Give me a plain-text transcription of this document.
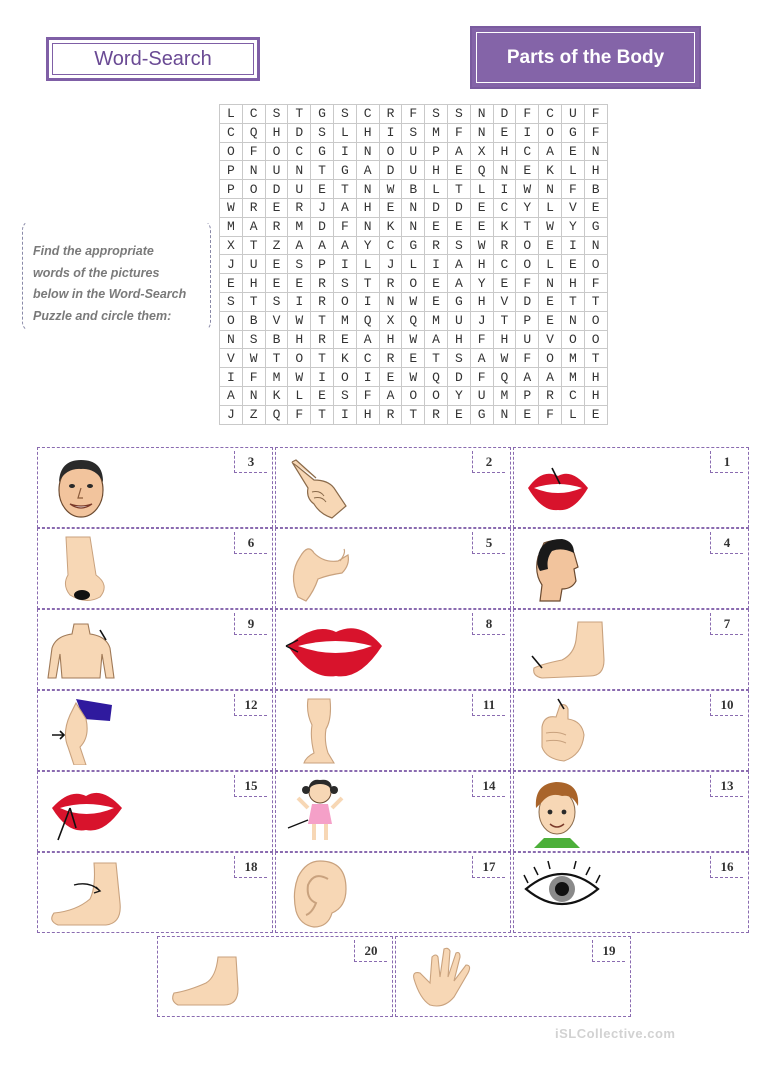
Word-Search	Parts of the Body
L	C	S	T	G	S	C	R	F	S	S	N	D	F	C	U	F
C	Q	H	D	S	L	H	I	S	M	F	N	E	I	O	G	F
O	F	O	C	G	I	N	O	U	P	A	X	H	C	A	E	N
P	N	U	N	T	G	A	D	U	H	E	Q	N	E	K	L	H
P	O	D	U	E	T	N	W	B	L	T	L	I	W	N	F	B
W	R	E	R	J	A	H	E	N	D	D	E	C	Y	L	V	E
M	A	R	M	D	F	N	K	N	E	E	E	K	T	W	Y	G
X	T	Z	A	A	A	Y	C	G	R	S	W	R	O	E	I	N
J	U	E	S	P	I	L	J	L	I	A	H	C	O	L	E	O
E	H	E	E	R	S	T	R	O	E	A	Y	E	F	N	H	F
S	T	S	I	R	O	I	N	W	E	G	H	V	D	E	T	T
O	B	V	W	T	M	Q	X	Q	M	U	J	T	P	E	N	O
N	S	B	H	R	E	A	H	W	A	H	F	H	U	V	O	O
V	W	T	O	T	K	C	R	E	T	S	A	W	F	O	M	T
I	F	M	W	I	O	I	E	W	Q	D	F	Q	A	A	M	H
A	N	K	L	E	S	F	A	O	O	Y	U	M	P	R	C	H
J	Z	Q	F	T	I	H	R	T	R	E	G	N	E	F	L	E
Find the appropriate
words of the pictures
below in the Word-Search
Puzzle and circle them:
3	2	1
6	5	4
9	8	7
12	11	10
15	14	13
18	17	16
20	19
iSLCollective.com
